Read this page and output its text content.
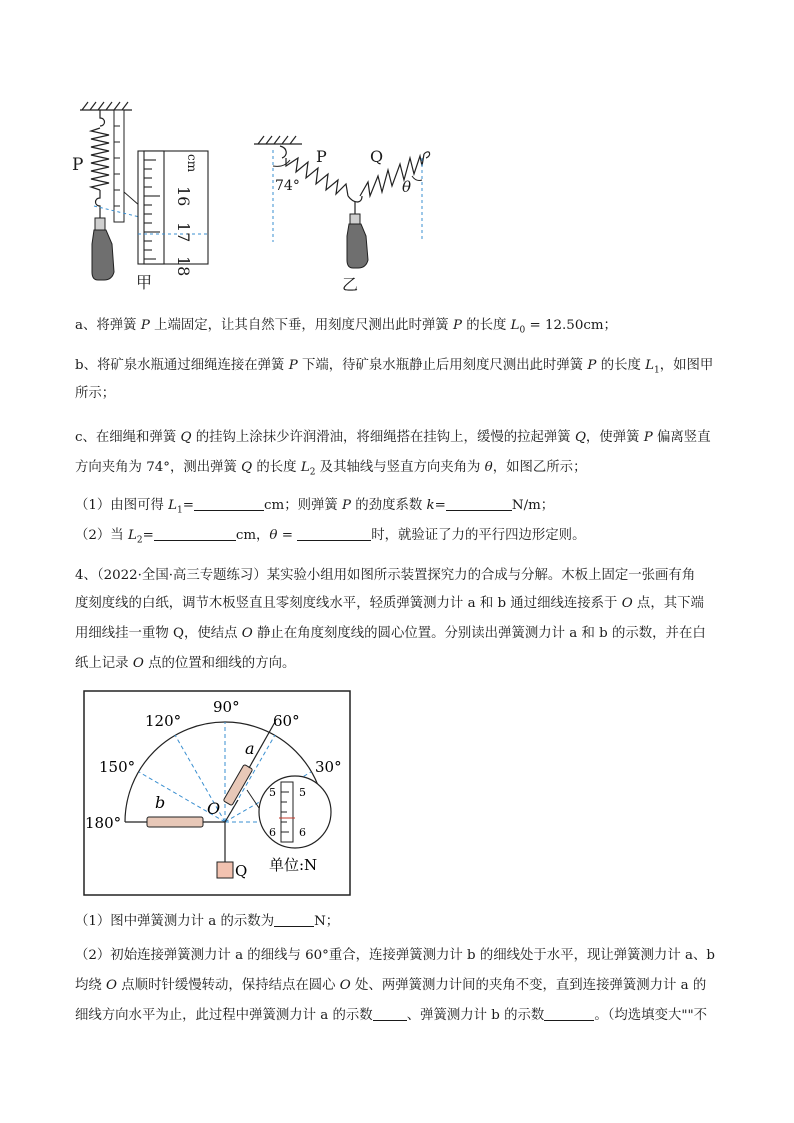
P	cm
16
17
18
甲
P	Q
74°	θ
乙
a、将弹簧 P 上端固定，让其自然下垂，用刻度尺测出此时弹簧 P 的长度 $L_0 = 12.50cm$；
b、将矿泉水瓶通过细绳连接在弹簧 P 下端，待矿泉水瓶静止后用刻度尺测出此时弹簧 P 的长度 $L_1$，如图甲
所示；
c、在细绳和弹簧 Q 的挂钩上涂抹少许润滑油，将细绳搭在挂钩上，缓慢的拉起弹簧 Q，使弹簧 P 偏离竖直
方向夹角为 74°，测出弹簧 Q 的长度 $L_2$ 及其轴线与竖直方向夹角为 θ，如图乙所示；
（1）由图可得 $L_1=$	cm；则弹簧 P 的劲度系数 k=	N/m；
（2）当 $L_2=$	cm，θ =	时，就验证了力的平行四边形定则。
4、（2022·全国·高三专题练习）某实验小组用如图所示装置探究力的合成与分解。木板上固定一张画有角
度刻度线的白纸，调节木板竖直且零刻度线水平，轻质弹簧测力计 a 和 b 通过细线连接系于 O 点，其下端
用细线挂一重物 Q，使结点 O 静止在角度刻度线的圆心位置。分别读出弹簧测力计 a 和 b 的示数，并在白
纸上记录 O 点的位置和细线的方向。
90°
120°	60°
150°	30°
180°
a
b	O
Q
5 5
6 6
单位:N
（1）图中弹簧测力计 a 的示数为	N；
（2）初始连接弹簧测力计 a 的细线与 60°重合，连接弹簧测力计 b 的细线处于水平，现让弹簧测力计 a、b
均绕 O 点顺时针缓慢转动，保持结点在圆心 O 处、两弹簧测力计间的夹角不变，直到连接弹簧测力计 a 的
细线方向水平为止，此过程中弹簧测力计 a 的示数	、弹簧测力计 b 的示数	。（均选填变大""不
